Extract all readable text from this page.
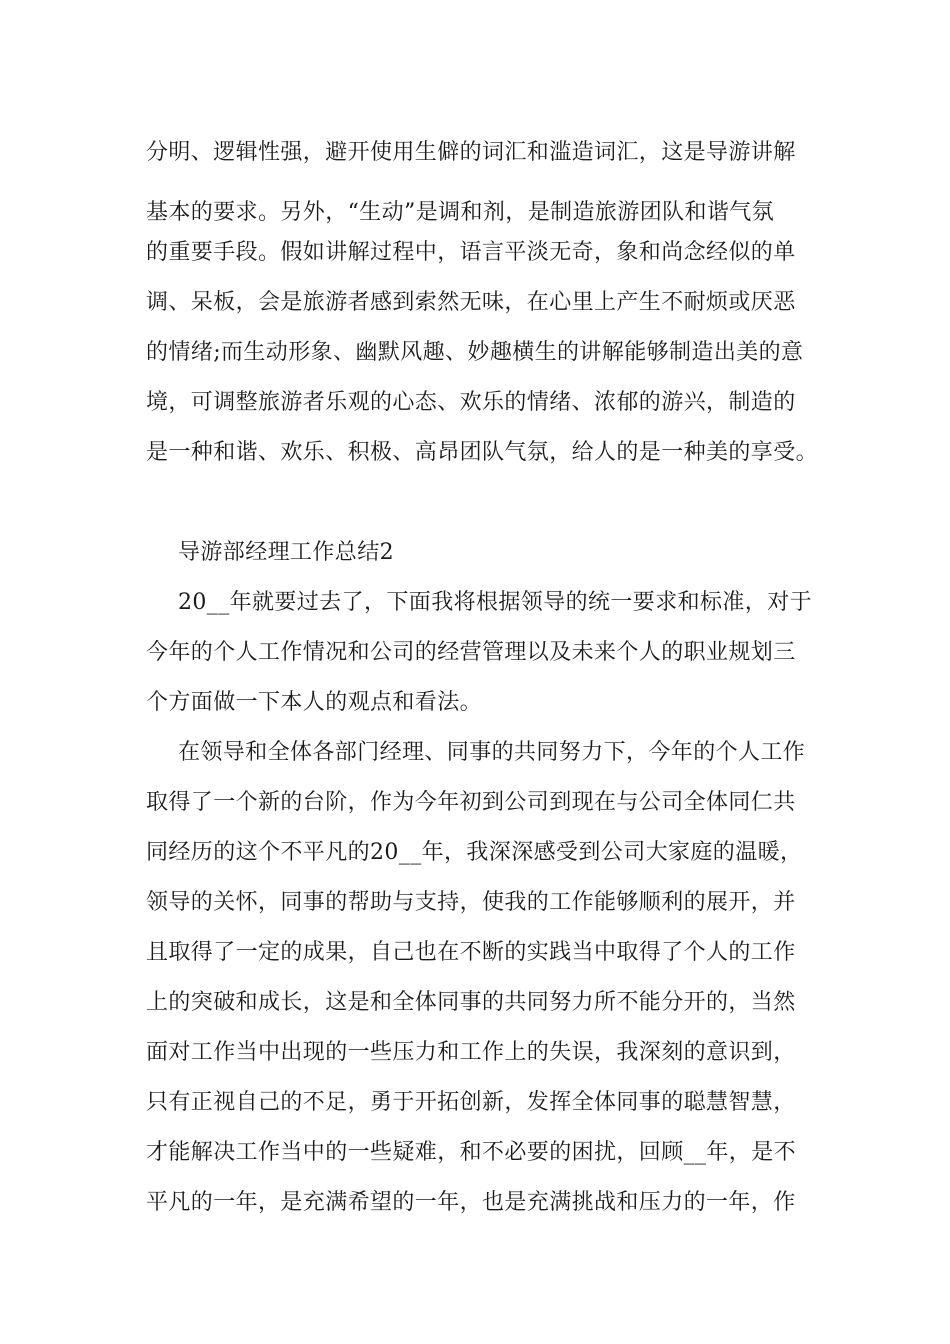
分明、逻辑性强，避开使用生僻的词汇和滥造词汇，这是导游讲解
基本的要求。另外，“生动”是调和剂，是制造旅游团队和谐气氛
的重要手段。假如讲解过程中，语言平淡无奇，象和尚念经似的单
调、呆板，会是旅游者感到索然无味，在心里上产生不耐烦或厌恶
的情绪;而生动形象、幽默风趣、妙趣横生的讲解能够制造出美的意
境，可调整旅游者乐观的心态、欢乐的情绪、浓郁的游兴，制造的
是一种和谐、欢乐、积极、高昂团队气氛，给人的是一种美的享受。
导游部经理工作总结2
20__年就要过去了，下面我将根据领导的统一要求和标准，对于
今年的个人工作情况和公司的经营管理以及未来个人的职业规划三
个方面做一下本人的观点和看法。
在领导和全体各部门经理、同事的共同努力下，今年的个人工作
取得了一个新的台阶，作为今年初到公司到现在与公司全体同仁共
同经历的这个不平凡的20__年，我深深感受到公司大家庭的温暖，
领导的关怀，同事的帮助与支持，使我的工作能够顺利的展开，并
且取得了一定的成果，自己也在不断的实践当中取得了个人的工作
上的突破和成长，这是和全体同事的共同努力所不能分开的，当然
面对工作当中出现的一些压力和工作上的失误，我深刻的意识到，
只有正视自己的不足，勇于开拓创新，发挥全体同事的聪慧智慧，
才能解决工作当中的一些疑难，和不必要的困扰，回顾__年，是不
平凡的一年，是充满希望的一年，也是充满挑战和压力的一年，作
